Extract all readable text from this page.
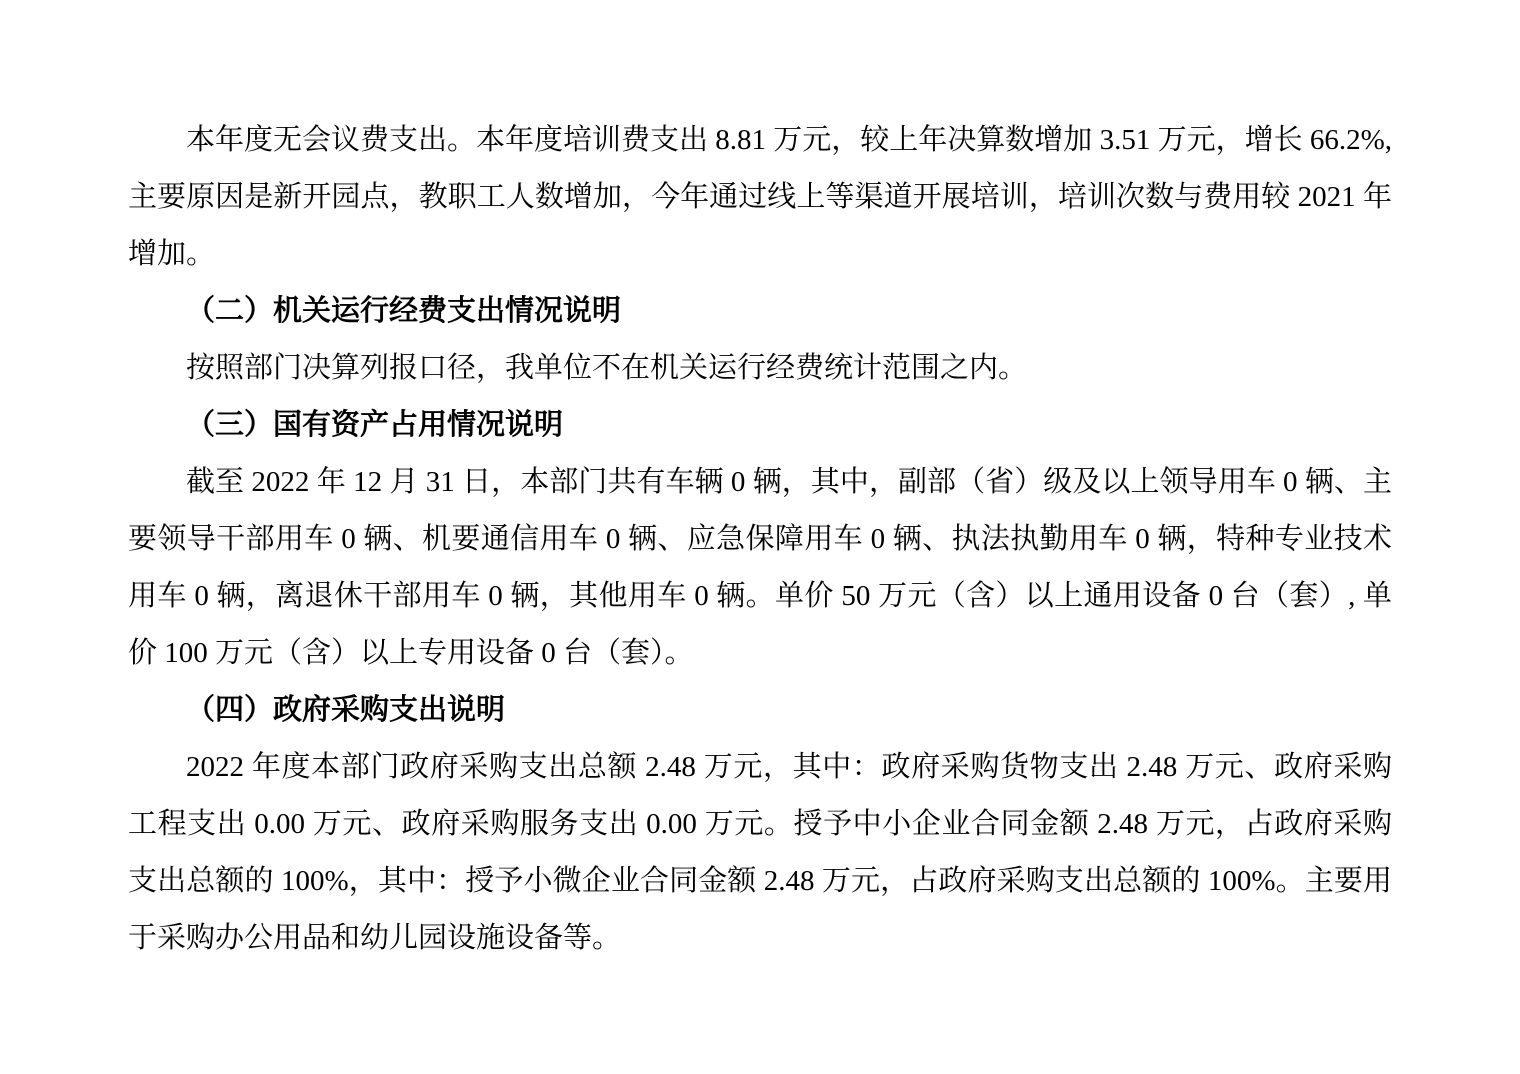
本年度无会议费支出。本年度培训费支出 8.81 万元，较上年决算数增加 3.51 万元，增长 66.2%, 主要原因是新开园点，教职工人数增加，今年通过线上等渠道开展培训，培训次数与费用较 2021 年增加。

（二）机关运行经费支出情况说明

按照部门决算列报口径，我单位不在机关运行经费统计范围之内。

（三）国有资产占用情况说明

截至 2022 年 12 月 31 日，本部门共有车辆 0 辆，其中，副部（省）级及以上领导用车 0 辆、主要领导干部用车 0 辆、机要通信用车 0 辆、应急保障用车 0 辆、执法执勤用车 0 辆，特种专业技术用车 0 辆，离退休干部用车 0 辆，其他用车 0 辆。单价 50 万元（含）以上通用设备 0 台（套）, 单价 100 万元（含）以上专用设备 0 台（套）。

（四）政府采购支出说明

2022 年度本部门政府采购支出总额 2.48 万元，其中：政府采购货物支出 2.48 万元、政府采购工程支出 0.00 万元、政府采购服务支出 0.00 万元。授予中小企业合同金额 2.48 万元，占政府采购支出总额的 100%，其中：授予小微企业合同金额 2.48 万元，占政府采购支出总额的 100%。主要用于采购办公用品和幼儿园设施设备等。
